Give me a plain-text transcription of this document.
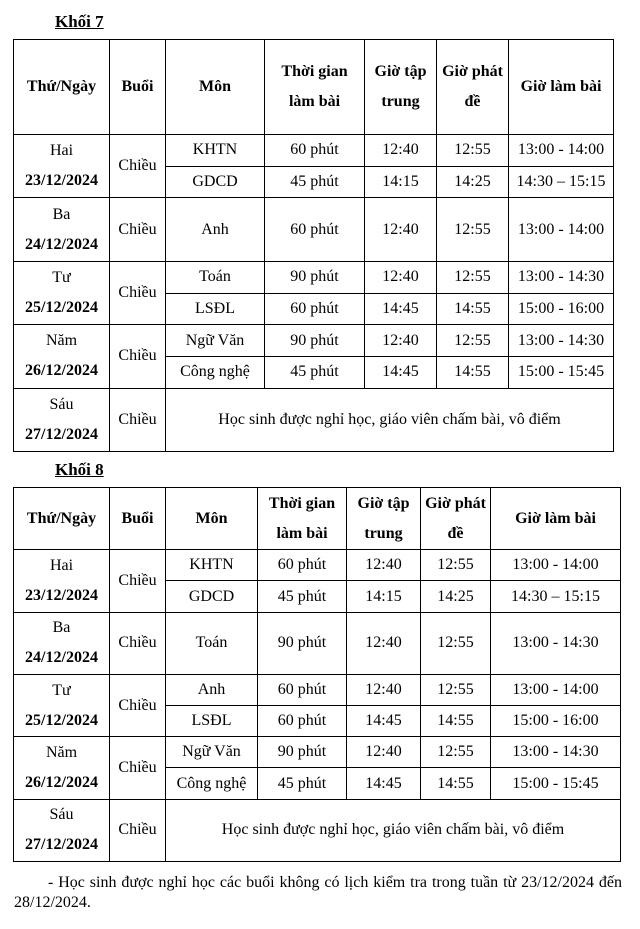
Khối 7
Thứ/Ngày	Buổi	Môn	Thời gian làm bài	Giờ tập trung	Giờ phát đề	Giờ làm bài

Hai
23/12/2024	Chiều	KHTN	60 phút	12:40	12:55	13:00 - 14:00
		GDCD	45 phút	14:15	14:25	14:30 – 15:15

Ba
24/12/2024	Chiều	Anh	60 phút	12:40	12:55	13:00 - 14:00

Tư
25/12/2024	Chiều	Toán	90 phút	12:40	12:55	13:00 - 14:30
		LSĐL	60 phút	14:45	14:55	15:00 - 16:00

Năm
26/12/2024	Chiều	Ngữ Văn	90 phút	12:40	12:55	13:00 - 14:30
		Công nghệ	45 phút	14:45	14:55	15:00 - 15:45

Sáu
27/12/2024	Chiều	Học sinh được nghỉ học, giáo viên chấm bài, vô điểm				
Khối 8
Thứ/Ngày	Buổi	Môn	Thời gian làm bài	Giờ tập trung	Giờ phát đề	Giờ làm bài

Hai
23/12/2024	Chiều	KHTN	60 phút	12:40	12:55	13:00 - 14:00
		GDCD	45 phút	14:15	14:25	14:30 – 15:15

Ba
24/12/2024	Chiều	Toán	90 phút	12:40	12:55	13:00 - 14:30

Tư
25/12/2024	Chiều	Anh	60 phút	12:40	12:55	13:00 - 14:00
		LSĐL	60 phút	14:45	14:55	15:00 - 16:00

Năm
26/12/2024	Chiều	Ngữ Văn	90 phút	12:40	12:55	13:00 - 14:30
		Công nghệ	45 phút	14:45	14:55	15:00 - 15:45

Sáu
27/12/2024	Chiều	Học sinh được nghỉ học, giáo viên chấm bài, vô điểm				
- Học sinh được nghỉ học các buổi không có lịch kiểm tra trong tuần từ 23/12/2024 đến 28/12/2024.
